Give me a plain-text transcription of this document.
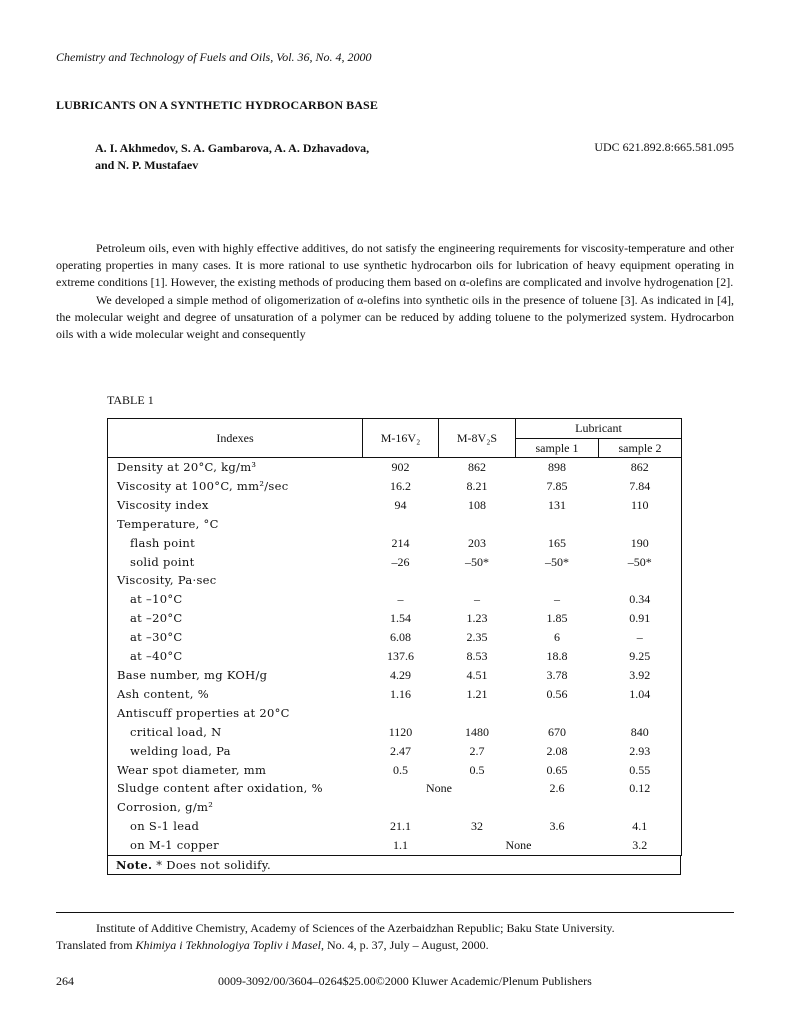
Chemistry and Technology of Fuels and Oils, Vol. 36, No. 4, 2000
LUBRICANTS ON A SYNTHETIC HYDROCARBON BASE
A. I. Akhmedov, S. A. Gambarova, A. A. Dzhavadova,
and N. P. Mustafaev
UDC 621.892.8:665.581.095

Petroleum oils, even with highly effective additives, do not satisfy the engineering requirements for viscosity-temperature and other operating properties in many cases. It is more rational to use synthetic hydrocarbon oils for lubrication of heavy equipment operating in extreme conditions [1]. However, the existing methods of producing them based on α-olefins are complicated and involve hydrogenation [2].

We developed a simple method of oligomerization of α-olefins into synthetic oils in the presence of toluene [3]. As indicated in [4], the molecular weight and degree of unsaturation of a polymer can be reduced by adding toluene to the polymerized system. Hydrocarbon oils with a wide molecular weight and consequently

TABLE 1
Indexes	M-16V₂	M-8V₂S	Lubricant	
			sample 1	sample 2
Density at 20°C, kg/m³	902	862	898	862
Viscosity at 100°C, mm²/sec	16.2	8.21	7.85	7.84
Viscosity index	94	108	131	110
Temperature, °C				
flash point	214	203	165	190
solid point	–26	–50*	–50*	–50*
Viscosity, Pa·sec				
at –10°C	–	–	–	0.34
at –20°C	1.54	1.23	1.85	0.91
at –30°C	6.08	2.35	6	–
at –40°C	137.6	8.53	18.8	9.25
Base number, mg KOH/g	4.29	4.51	3.78	3.92
Ash content, %	1.16	1.21	0.56	1.04
Antiscuff properties at 20°C				
critical load, N	1120	1480	670	840
welding load, Pa	2.47	2.7	2.08	2.93
Wear spot diameter, mm	0.5	0.5	0.65	0.55
Sludge content after oxidation, %	None		2.6	0.12
Corrosion, g/m²				
on S-1 lead	21.1	32	3.6	4.1
on M-1 copper	1.1	None		3.2
Note. * Does not solidify.
Institute of Additive Chemistry, Academy of Sciences of the Azerbaidzhan Republic; Baku State University.
Translated from Khimiya i Tekhnologiya Topliv i Masel, No. 4, p. 37, July – August, 2000.
264	0009-3092/00/3604–0264$25.00©2000 Kluwer Academic/Plenum Publishers
